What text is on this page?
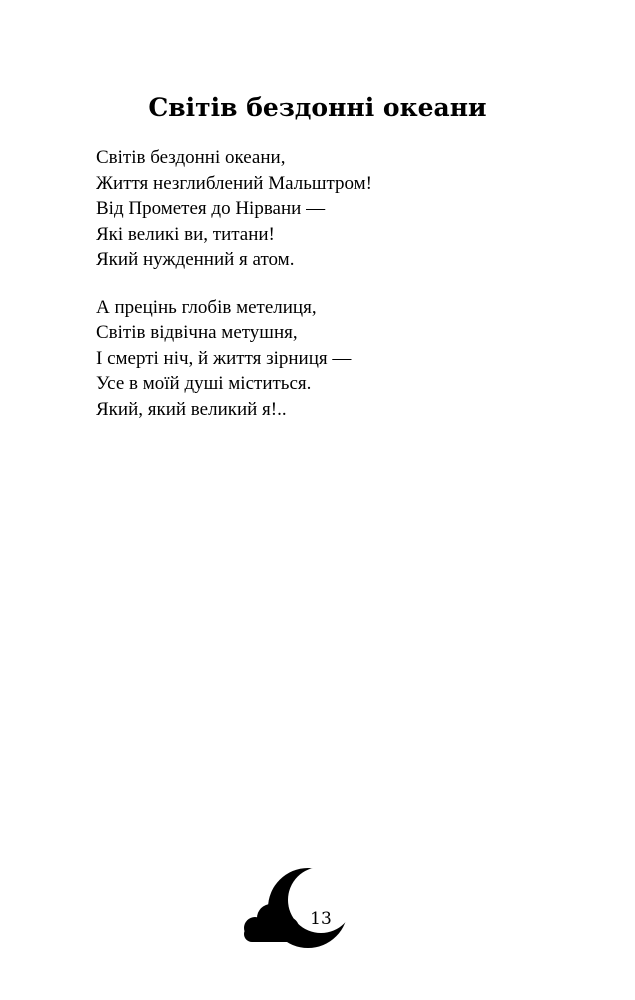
Світів бездонні океани
Світів бездонні океани,
Життя незглиблений Мальштром!
Від Прометея до Нірвани —
Які великі ви, титани!
Який нужденний я атом.
А прецінь глобів метелиця,
Світів відвічна метушня,
І смерті ніч, й життя зірниця —
Усе в моїй душі міститься.
Який, який великий я!..
13
